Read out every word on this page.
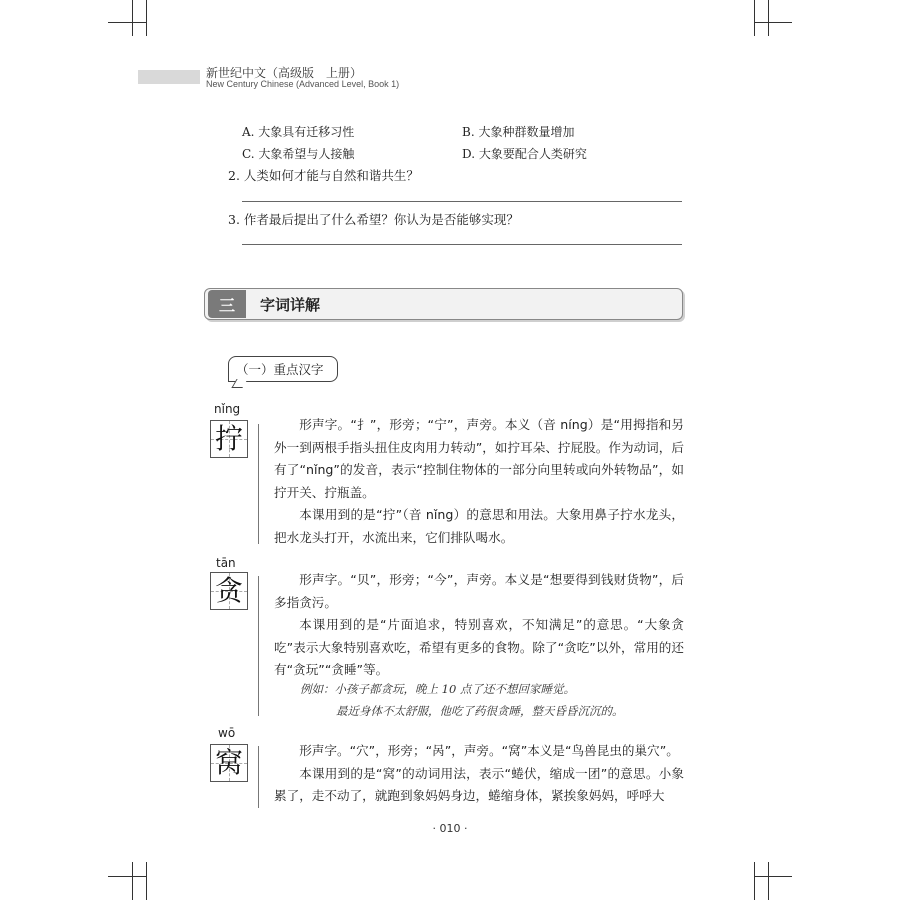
新世纪中文（高级版　上册）
New Century Chinese (Advanced Level, Book 1)
A. 大象具有迁移习性	B. 大象种群数量增加
C. 大象希望与人接触	D. 大象要配合人类研究
2. 人类如何才能与自然和谐共生？
3. 作者最后提出了什么希望？你认为是否能够实现？
三	字词详解
（一）重点汉字
nǐng
拧	形声字。“扌”，形旁；“宁”，声旁。本义（音 níng）是“用拇指和另外一到两根手指头扭住皮肉用力转动”，如拧耳朵、拧屁股。作为动词，后有了“nǐng”的发音，表示“控制住物体的一部分向里转或向外转物品”，如拧开关、拧瓶盖。

本课用到的是“拧”（音 nǐng）的意思和用法。大象用鼻子拧水龙头，把水龙头打开，水流出来，它们排队喝水。

tān
贪	形声字。“贝”，形旁；“今”，声旁。本义是“想要得到钱财货物”，后多指贪污。

本课用到的是“片面追求，特别喜欢，不知满足”的意思。“大象贪吃”表示大象特别喜欢吃，希望有更多的食物。除了“贪吃”以外，常用的还有“贪玩”“贪睡”等。

例如：小孩子都贪玩，晚上 10 点了还不想回家睡觉。
最近身体不太舒服，他吃了药很贪睡，整天昏昏沉沉的。
wō
窝	形声字。“穴”，形旁；“呙”，声旁。“窝”本义是“鸟兽昆虫的巢穴”。

本课用到的是“窝”的动词用法，表示“蜷伏，缩成一团”的意思。小象累了，走不动了，就跑到象妈妈身边，蜷缩身体，紧挨象妈妈，呼呼大

· 010 ·
